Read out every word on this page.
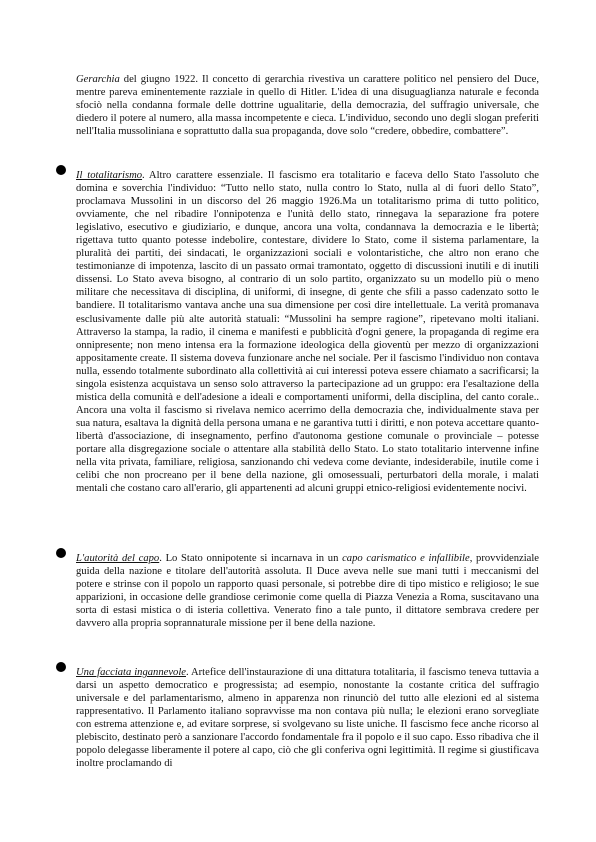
Gerarchia del giugno 1922. Il concetto di gerarchia rivestiva un carattere politico nel pensiero del Duce, mentre pareva eminentemente razziale in quello di Hitler. L'idea di una disuguaglianza naturale e feconda sfociò nella condanna formale delle dottrine ugualitarie, della democrazia, del suffragio universale, che diedero il potere al numero, alla massa incompetente e cieca. L'individuo, secondo uno degli slogan preferiti nell'Italia mussoliniana e soprattutto dalla sua propaganda, dove solo “credere, obbedire, combattere”.

Il totalitarismo. Altro carattere essenziale. Il fascismo era totalitario e faceva dello Stato l'assoluto che domina e soverchia l'individuo: “Tutto nello stato, nulla contro lo Stato, nulla al di fuori dello Stato”, proclamava Mussolini in un discorso del 26 maggio 1926.Ma un totalitarismo prima di tutto politico, ovviamente, che nel ribadire l'onnipotenza e l'unità dello stato, rinnegava la separazione fra potere legislativo, esecutivo e giudiziario, e dunque, ancora una volta, condannava la democrazia e le libertà; rigettava tutto quanto potesse indebolire, contestare, dividere lo Stato, come il sistema parlamentare, la pluralità dei partiti, dei sindacati, le organizzazioni sociali e volontaristiche, che altro non erano che testimonianze di impotenza, lascito di un passato ormai tramontato, oggetto di discussioni inutili e di inutili dissensi. Lo Stato aveva bisogno, al contrario di un solo partito, organizzato su un modello più o meno militare che necessitava di disciplina, di uniformi, di insegne, di gente che sfili a passo cadenzato sotto le bandiere. Il totalitarismo vantava anche una sua dimensione per così dire intellettuale. La verità promanava esclusivamente dalle più alte autorità statuali: “Mussolini ha sempre ragione”, ripetevano molti italiani. Attraverso la stampa, la radio, il cinema e manifesti e pubblicità d'ogni genere, la propaganda di regime era onnipresente; non meno intensa era la formazione ideologica della gioventù per mezzo di organizzazioni appositamente create. Il sistema doveva funzionare anche nel sociale. Per il fascismo l'individuo non contava nulla, essendo totalmente subordinato alla collettività ai cui interessi poteva essere chiamato a sacrificarsi; la singola esistenza acquistava un senso solo attraverso la partecipazione ad un gruppo: era l'esaltazione della mistica della comunità e dell'adesione a ideali e comportamenti uniformi, della disciplina, del canto corale.. Ancora una volta il fascismo si rivelava nemico acerrimo della democrazia che, individualmente stava per sua natura, esaltava la dignità della persona umana e ne garantiva tutti i diritti, e non poteva accettare quanto- libertà d'associazione, di insegnamento, perfino d'autonoma gestione comunale o provinciale – potesse portare alla disgregazione sociale o attentare alla stabilità dello Stato. Lo stato totalitario intervenne infine nella vita privata, familiare, religiosa, sanzionando chi vedeva come deviante, indesiderabile, inutile come i celibi che non procreano per il bene della nazione, gli omosessuali, perturbatori della morale, i malati mentali che costano caro all'erario, gli appartenenti ad alcuni gruppi etnico-religiosi evidentemente nocivi.

L'autorità del capo. Lo Stato onnipotente si incarnava in un capo carismatico e infallibile, provvidenziale guida della nazione e titolare dell'autorità assoluta. Il Duce aveva nelle sue mani tutti i meccanismi del potere e strinse con il popolo un rapporto quasi personale, si potrebbe dire di tipo mistico e religioso; le sue apparizioni, in occasione delle grandiose cerimonie come quella di Piazza Venezia a Roma, suscitavano una sorta di estasi mistica o di isteria collettiva. Venerato fino a tale punto, il dittatore sembrava credere per davvero alla propria soprannaturale missione per il bene della nazione.

Una facciata ingannevole. Artefice dell'instaurazione di una dittatura totalitaria, il fascismo teneva tuttavia a darsi un aspetto democratico e progressista; ad esempio, nonostante la costante critica del suffragio universale e del parlamentarismo, almeno in apparenza non rinunciò del tutto alle elezioni ed al sistema rappresentativo. Il Parlamento italiano sopravvisse ma non contava più nulla; le elezioni erano sorvegliate con estrema attenzione e, ad evitare sorprese, si svolgevano su liste uniche. Il fascismo fece anche ricorso al plebiscito, destinato però a sanzionare l'accordo fondamentale fra il popolo e il suo capo. Esso ribadiva che il popolo delegasse liberamente il potere al capo, ciò che gli conferiva ogni legittimità. Il regime si giustificava inoltre proclamando di
